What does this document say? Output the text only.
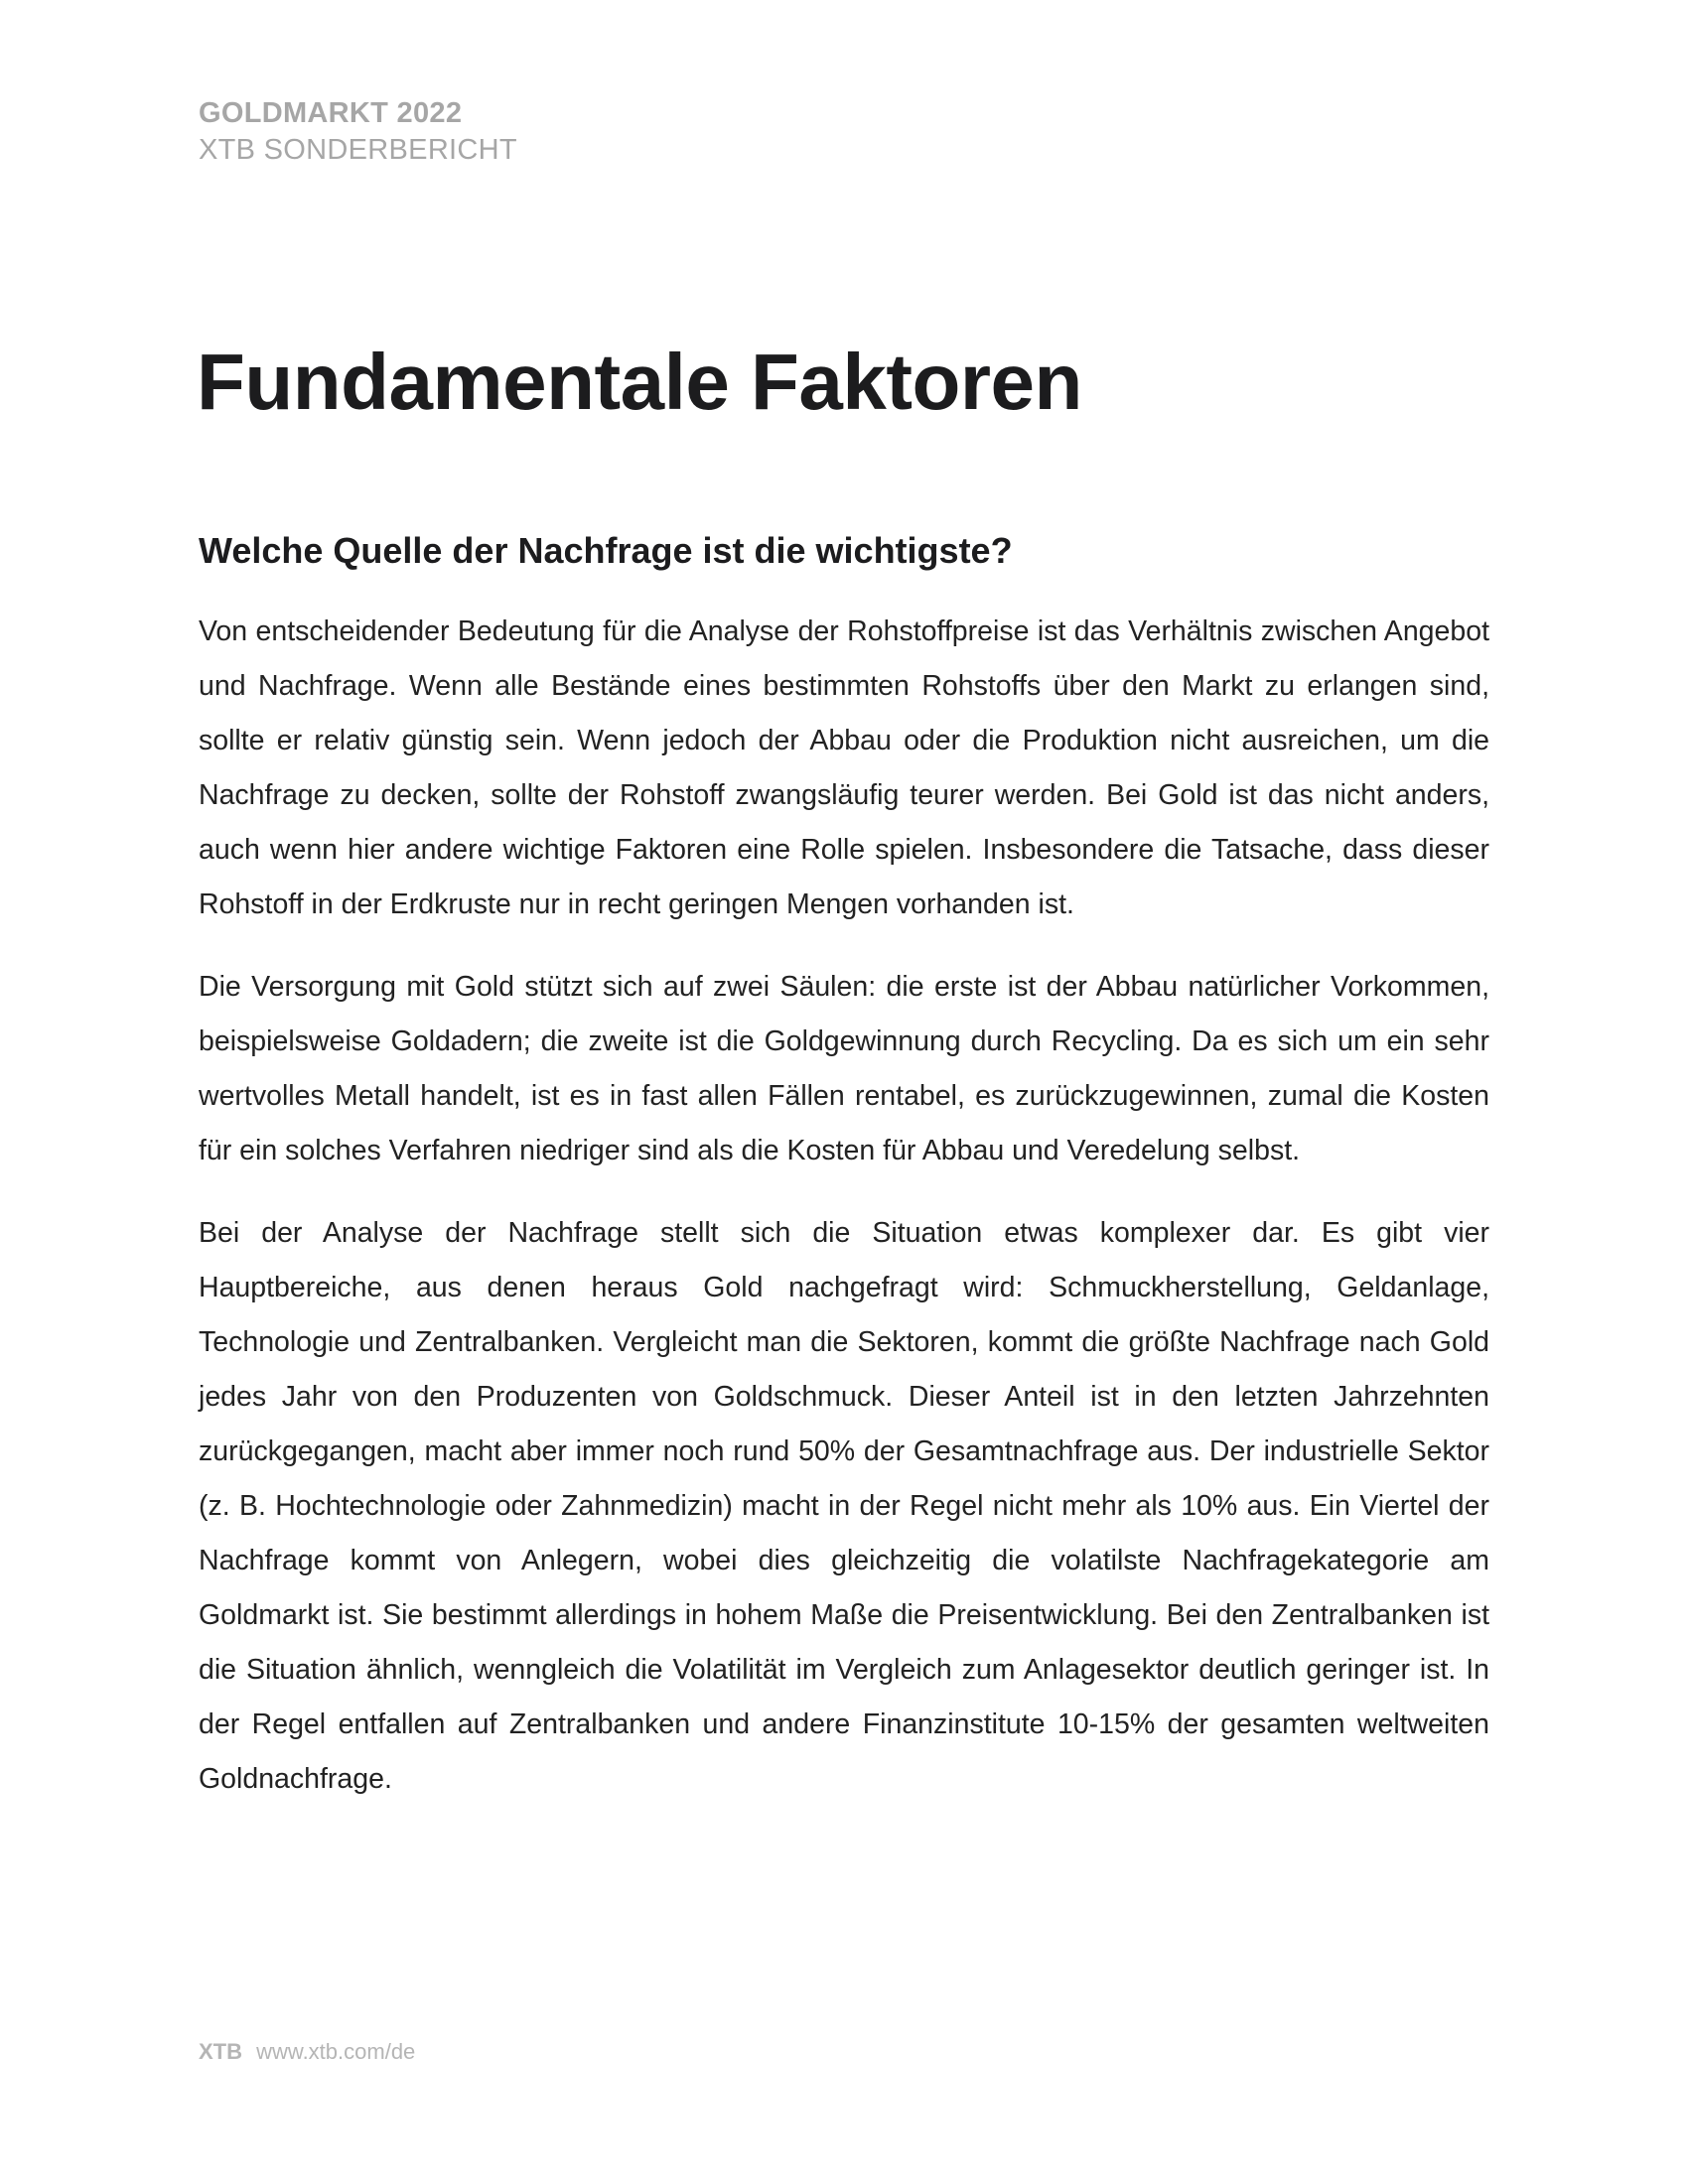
GOLDMARKT 2022
XTB SONDERBERICHT
Fundamentale Faktoren
Welche Quelle der Nachfrage ist die wichtigste?

Von entscheidender Bedeutung für die Analyse der Rohstoffpreise ist das Verhältnis zwischen Angebot und Nachfrage. Wenn alle Bestände eines bestimmten Rohstoffs über den Markt zu erlangen sind, sollte er relativ günstig sein. Wenn jedoch der Abbau oder die Produktion nicht ausreichen, um die Nachfrage zu decken, sollte der Rohstoff zwangsläufig teurer werden. Bei Gold ist das nicht anders, auch wenn hier andere wichtige Faktoren eine Rolle spielen. Insbesondere die Tatsache, dass dieser Rohstoff in der Erdkruste nur in recht geringen Mengen vorhanden ist.

Die Versorgung mit Gold stützt sich auf zwei Säulen: die erste ist der Abbau natürlicher Vorkommen, beispielsweise Goldadern; die zweite ist die Goldgewinnung durch Recycling. Da es sich um ein sehr wertvolles Metall handelt, ist es in fast allen Fällen rentabel, es zurückzugewinnen, zumal die Kosten für ein solches Verfahren niedriger sind als die Kosten für Abbau und Veredelung selbst.

Bei der Analyse der Nachfrage stellt sich die Situation etwas komplexer dar. Es gibt vier Hauptbereiche, aus denen heraus Gold nachgefragt wird: Schmuckherstellung, Geldanlage, Technologie und Zentralbanken. Vergleicht man die Sektoren, kommt die größte Nachfrage nach Gold jedes Jahr von den Produzenten von Goldschmuck. Dieser Anteil ist in den letzten Jahrzehnten zurückgegangen, macht aber immer noch rund 50% der Gesamtnachfrage aus. Der industrielle Sektor (z. B. Hochtechnologie oder Zahnmedizin) macht in der Regel nicht mehr als 10% aus. Ein Viertel der Nachfrage kommt von Anlegern, wobei dies gleichzeitig die volatilste Nachfragekategorie am Goldmarkt ist. Sie bestimmt allerdings in hohem Maße die Preisentwicklung. Bei den Zentralbanken ist die Situation ähnlich, wenngleich die Volatilität im Vergleich zum Anlagesektor deutlich geringer ist. In der Regel entfallen auf Zentralbanken und andere Finanzinstitute 10-15% der gesamten weltweiten Goldnachfrage.

XTB www.xtb.com/de
